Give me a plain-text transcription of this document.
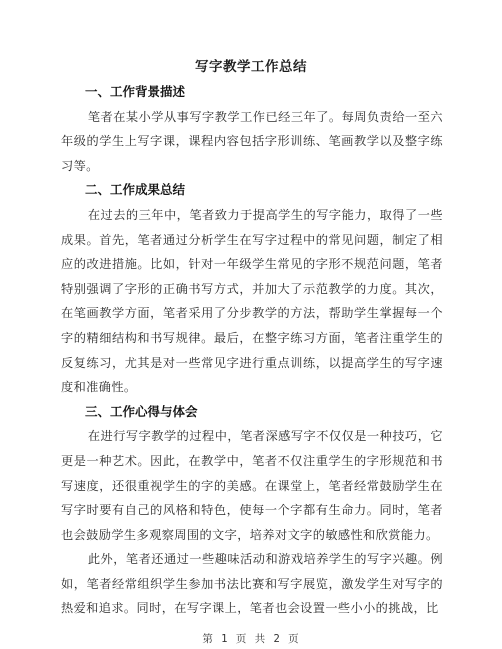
写字教学工作总结
一、工作背景描述

笔者在某小学从事写字教学工作已经三年了。每周负责给一至六年级的学生上写字课，课程内容包括字形训练、笔画教学以及整字练习等。

二、工作成果总结

在过去的三年中，笔者致力于提高学生的写字能力，取得了一些成果。首先，笔者通过分析学生在写字过程中的常见问题，制定了相应的改进措施。比如，针对一年级学生常见的字形不规范问题，笔者特别强调了字形的正确书写方式，并加大了示范教学的力度。其次，在笔画教学方面，笔者采用了分步教学的方法，帮助学生掌握每一个字的精细结构和书写规律。最后，在整字练习方面，笔者注重学生的反复练习，尤其是对一些常见字进行重点训练，以提高学生的写字速度和准确性。

三、工作心得与体会

在进行写字教学的过程中，笔者深感写字不仅仅是一种技巧，它更是一种艺术。因此，在教学中，笔者不仅注重学生的字形规范和书写速度，还很重视学生的字的美感。在课堂上，笔者经常鼓励学生在写字时要有自己的风格和特色，使每一个字都有生命力。同时，笔者也会鼓励学生多观察周围的文字，培养对文字的敏感性和欣赏能力。

此外，笔者还通过一些趣味活动和游戏培养学生的写字兴趣。例如，笔者经常组织学生参加书法比赛和写字展览，激发学生对写字的热爱和追求。同时，在写字课上，笔者也会设置一些小小的挑战，比

第 1 页 共 2 页
